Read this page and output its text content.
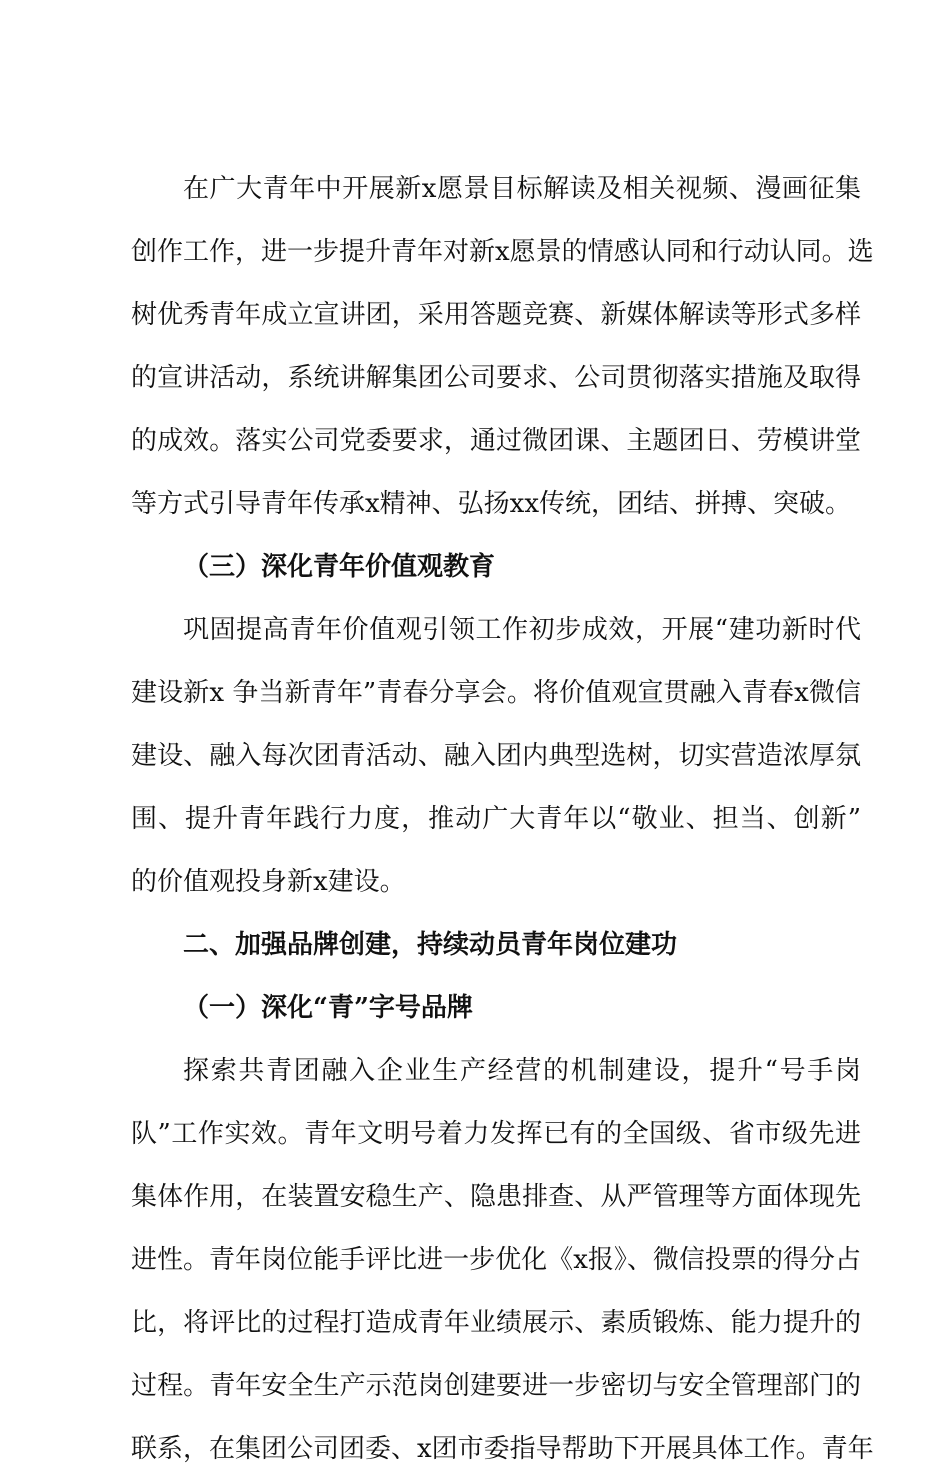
在广大青年中开展新x愿景目标解读及相关视频、漫画征集
创作工作，进一步提升青年对新x愿景的情感认同和行动认同。选
树优秀青年成立宣讲团，采用答题竞赛、新媒体解读等形式多样
的宣讲活动，系统讲解集团公司要求、公司贯彻落实措施及取得
的成效。落实公司党委要求，通过微团课、主题团日、劳模讲堂
等方式引导青年传承x精神、弘扬xx传统，团结、拼搏、突破。
（三）深化青年价值观教育
巩固提高青年价值观引领工作初步成效，开展“建功新时代
建设新x 争当新青年”青春分享会。将价值观宣贯融入青春x微信
建设、融入每次团青活动、融入团内典型选树，切实营造浓厚氛
围、提升青年践行力度，推动广大青年以“敬业、担当、创新”
的价值观投身新x建设。
二、加强品牌创建，持续动员青年岗位建功
（一）深化“青”字号品牌
探索共青团融入企业生产经营的机制建设，提升“号手岗
队”工作实效。青年文明号着力发挥已有的全国级、省市级先进
集体作用，在装置安稳生产、隐患排查、从严管理等方面体现先
进性。青年岗位能手评比进一步优化《x报》、微信投票的得分占
比，将评比的过程打造成青年业绩展示、素质锻炼、能力提升的
过程。青年安全生产示范岗创建要进一步密切与安全管理部门的
联系，在集团公司团委、x团市委指导帮助下开展具体工作。青年
